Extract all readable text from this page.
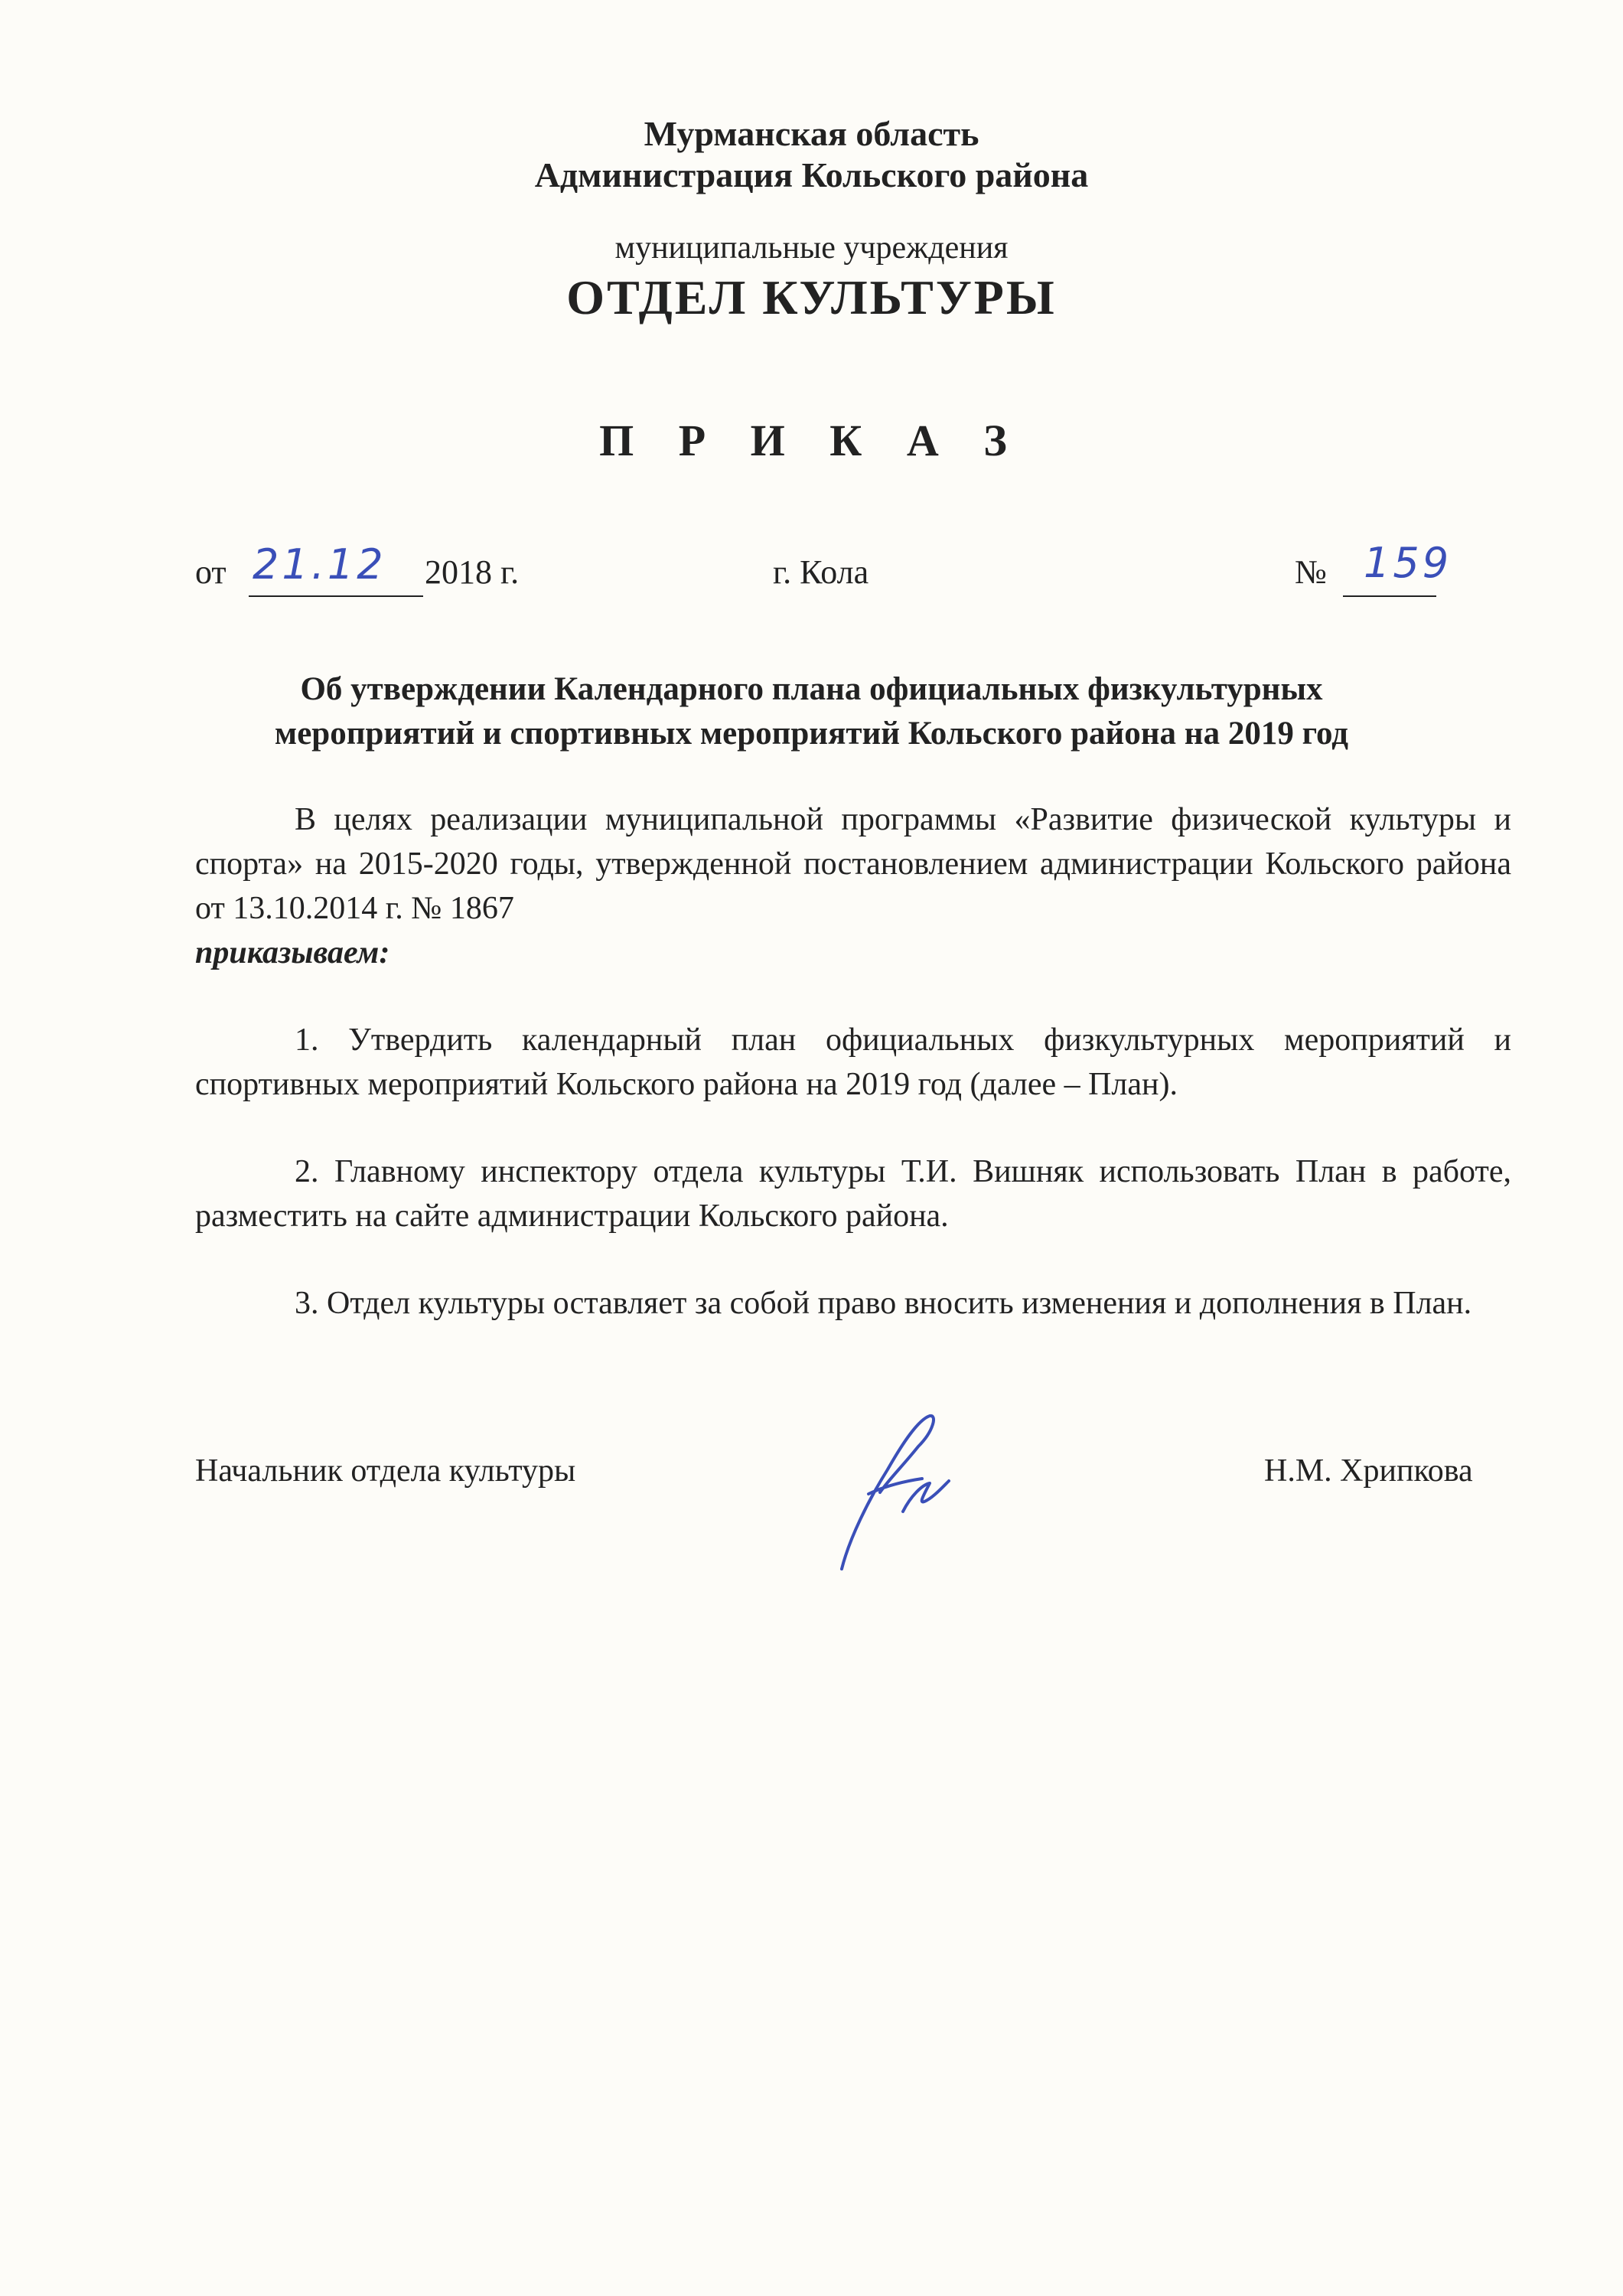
Мурманская область
Администрация Кольского района
муниципальные учреждения
ОТДЕЛ КУЛЬТУРЫ
П Р И К А З
от 21.12 2018 г.	г. Кола	№ 159
Об утверждении Календарного плана официальных физкультурных
мероприятий и спортивных мероприятий Кольского района на 2019 год
В целях реализации муниципальной программы «Развитие физической культуры и спорта» на 2015-2020 годы, утвержденной постановлением администрации Кольского района от 13.10.2014 г. № 1867
приказываем:
1. Утвердить календарный план официальных физкультурных мероприятий и спортивных мероприятий Кольского района на 2019 год (далее – План).
2. Главному инспектору отдела культуры Т.И. Вишняк использовать План в работе, разместить на сайте администрации Кольского района.
3. Отдел культуры оставляет за собой право вносить изменения и дополнения в План.
Начальник отдела культуры	Н.М. Хрипкова
